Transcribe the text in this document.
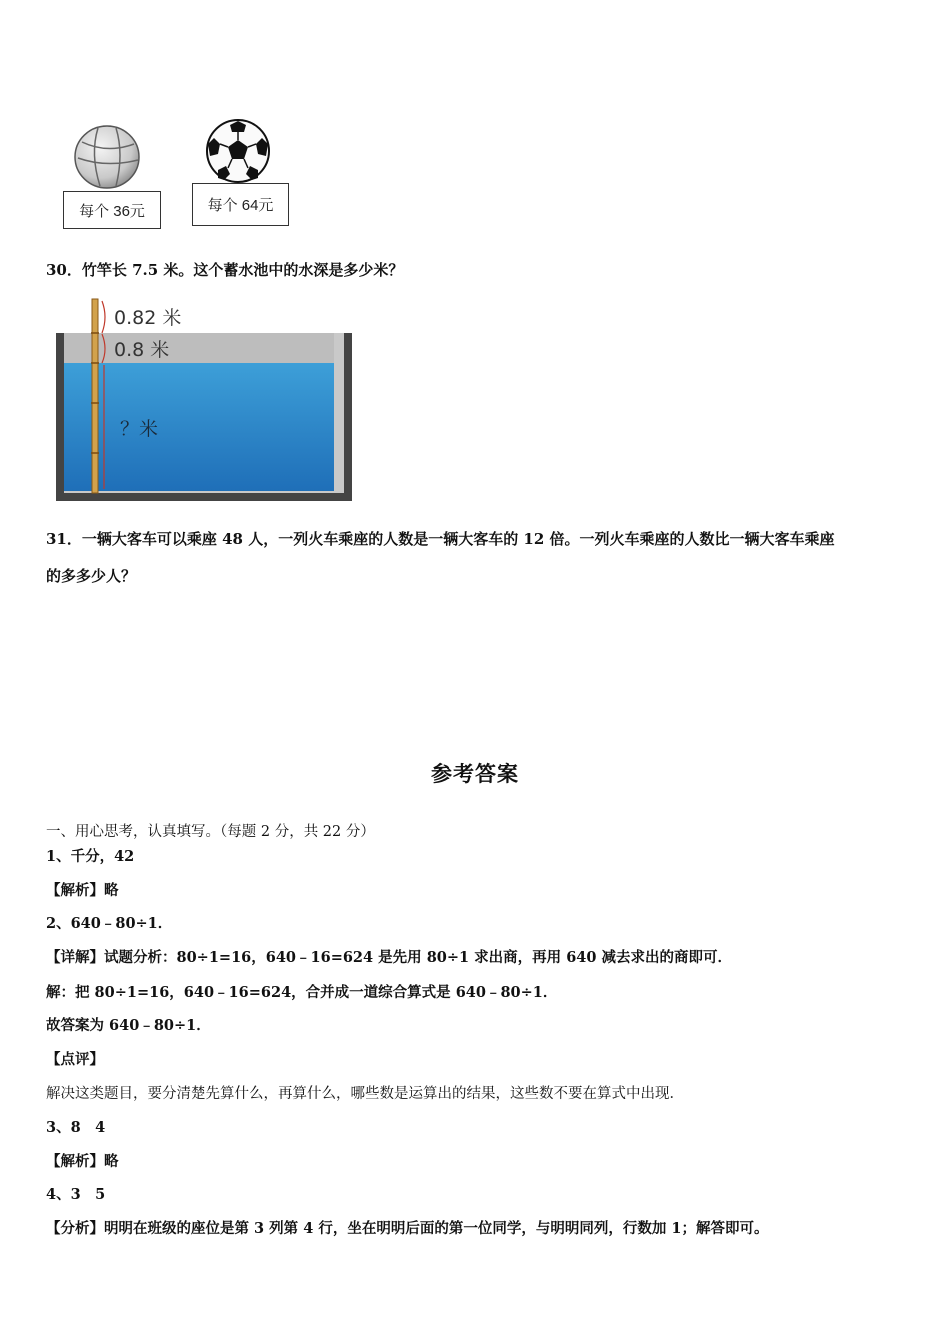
每个 36元	每个 64元
30．竹竿长 7.5 米。这个蓄水池中的水深是多少米？
0.82 米
0.8 米
？米
31．一辆大客车可以乘座 48 人，一列火车乘座的人数是一辆大客车的 12 倍。一列火车乘座的人数比一辆大客车乘座
的多多少人？
参考答案
一、用心思考，认真填写。（每题 2 分，共 22 分）
1、千分，42
【解析】略
2、640﹣80÷1．
【详解】试题分析：80÷1=16，640﹣16=624 是先用 80÷1 求出商，再用 640 减去求出的商即可．
解：把 80÷1=16，640﹣16=624，合并成一道综合算式是 640﹣80÷1．
故答案为 640﹣80÷1．
【点评】
解决这类题目，要分清楚先算什么，再算什么，哪些数是运算出的结果，这些数不要在算式中出现．
3、8　4
【解析】略
4、3　5
【分析】明明在班级的座位是第 3 列第 4 行，坐在明明后面的第一位同学，与明明同列，行数加 1；解答即可。
